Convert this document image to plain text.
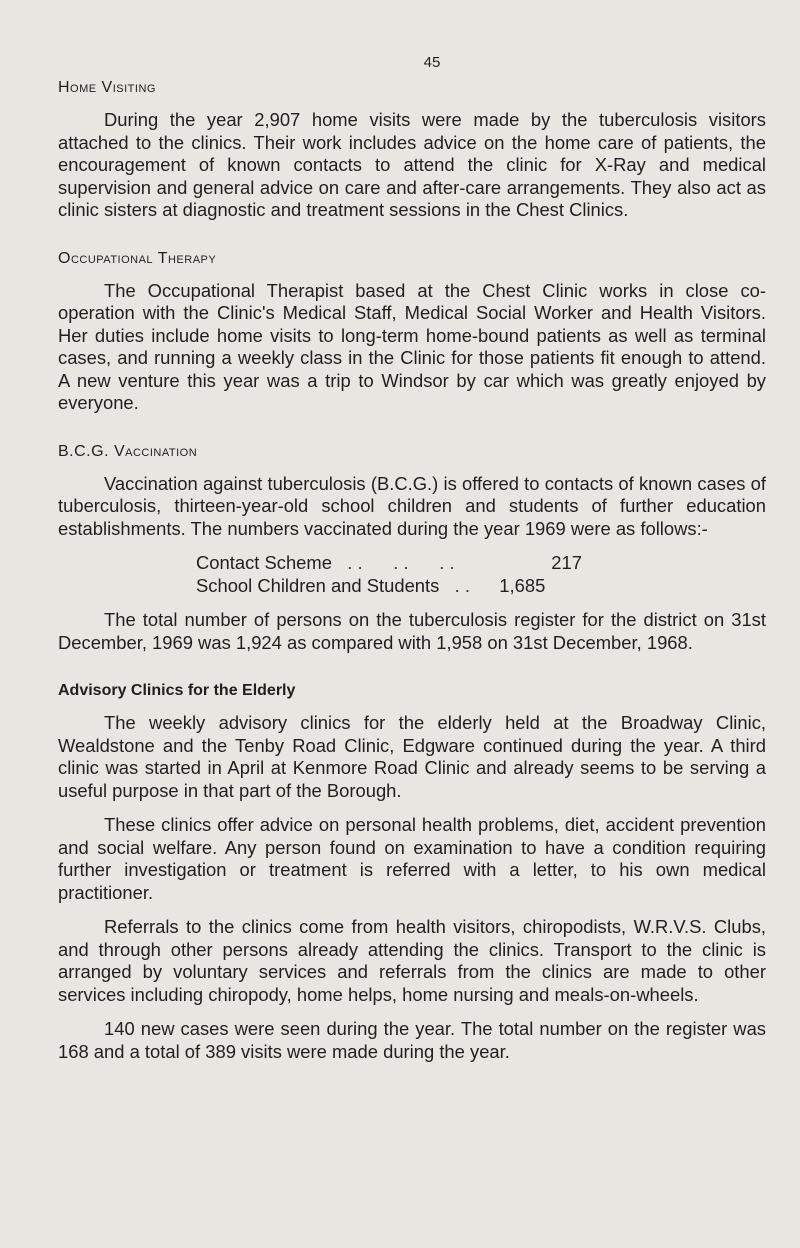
45
Home Visiting

During the year 2,907 home visits were made by the tuberculosis visitors attached to the clinics. Their work includes advice on the home care of patients, the encouragement of known contacts to attend the clinic for X-Ray and medical supervision and general advice on care and after-care arrangements. They also act as clinic sisters at diagnostic and treatment sessions in the Chest Clinics.

Occupational Therapy

The Occupational Therapist based at the Chest Clinic works in close co-operation with the Clinic's Medical Staff, Medical Social Worker and Health Visitors. Her duties include home visits to long-term home-bound patients as well as terminal cases, and running a weekly class in the Clinic for those patients fit enough to attend. A new venture this year was a trip to Windsor by car which was greatly enjoyed by everyone.

B.C.G. Vaccination

Vaccination against tuberculosis (B.C.G.) is offered to contacts of known cases of tuberculosis, thirteen-year-old school children and students of further education establishments. The numbers vaccinated during the year 1969 were as follows:-

Contact Scheme . .      . .      . .	217
School Children and Students . .	1,685

The total number of persons on the tuberculosis register for the district on 31st December, 1969 was 1,924 as compared with 1,958 on 31st December, 1968.

Advisory Clinics for the Elderly

The weekly advisory clinics for the elderly held at the Broadway Clinic, Wealdstone and the Tenby Road Clinic, Edgware continued during the year. A third clinic was started in April at Kenmore Road Clinic and already seems to be serving a useful purpose in that part of the Borough.

These clinics offer advice on personal health problems, diet, accident prevention and social welfare. Any person found on examination to have a condition requiring further investigation or treatment is referred with a letter, to his own medical practitioner.

Referrals to the clinics come from health visitors, chiropodists, W.R.V.S. Clubs, and through other persons already attending the clinics. Transport to the clinic is arranged by voluntary services and referrals from the clinics are made to other services including chiropody, home helps, home nursing and meals-on-wheels.

140 new cases were seen during the year. The total number on the register was 168 and a total of 389 visits were made during the year.
